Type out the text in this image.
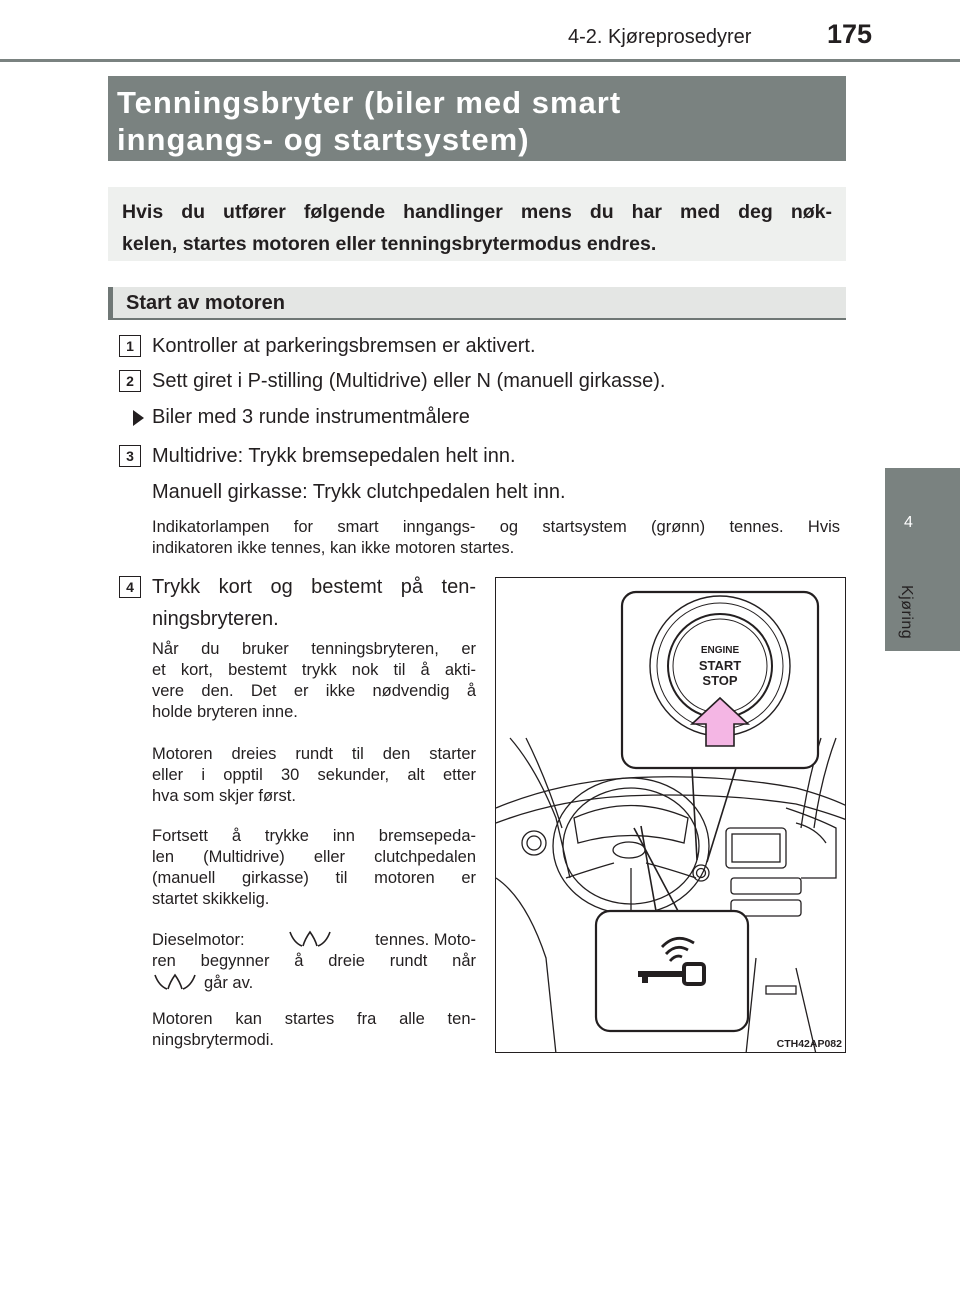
4-2. Kjøreprosedyrer	175
4
Kjøring
Tenningsbryter (biler med smart
inngangs- og startsystem)
Hvis du utfører følgende handlinger mens du har med deg nøk-
kelen, startes motoren eller tenningsbrytermodus endres.
Start av motoren
1 Kontroller at parkeringsbremsen er aktivert.
2 Sett giret i P-stilling (Multidrive) eller N (manuell girkasse).
Biler med 3 runde instrumentmålere
3 Multidrive: Trykk bremsepedalen helt inn.
Manuell girkasse: Trykk clutchpedalen helt inn.
Indikatorlampen for smart inngangs- og startsystem (grønn) tennes. Hvis
indikatoren ikke tennes, kan ikke motoren startes.
4 Trykk kort og bestemt på ten-
ningsbryteren.
Når du bruker tenningsbryteren, er
et kort, bestemt trykk nok til å akti-
vere den. Det er ikke nødvendig å
holde bryteren inne.
Motoren dreies rundt til den starter
eller i opptil 30 sekunder, alt etter
hva som skjer først.
Fortsett å trykke inn bremsepeda-
len (Multidrive) eller clutchpedalen
(manuell girkasse) til motoren er
startet skikkelig.
Dieselmotor:	tennes. Moto-
ren begynner å dreie rundt når
går av.
Motoren kan startes fra alle ten-
ningsbrytermodi.
ENGINE
START
STOP
CTH42AP082
